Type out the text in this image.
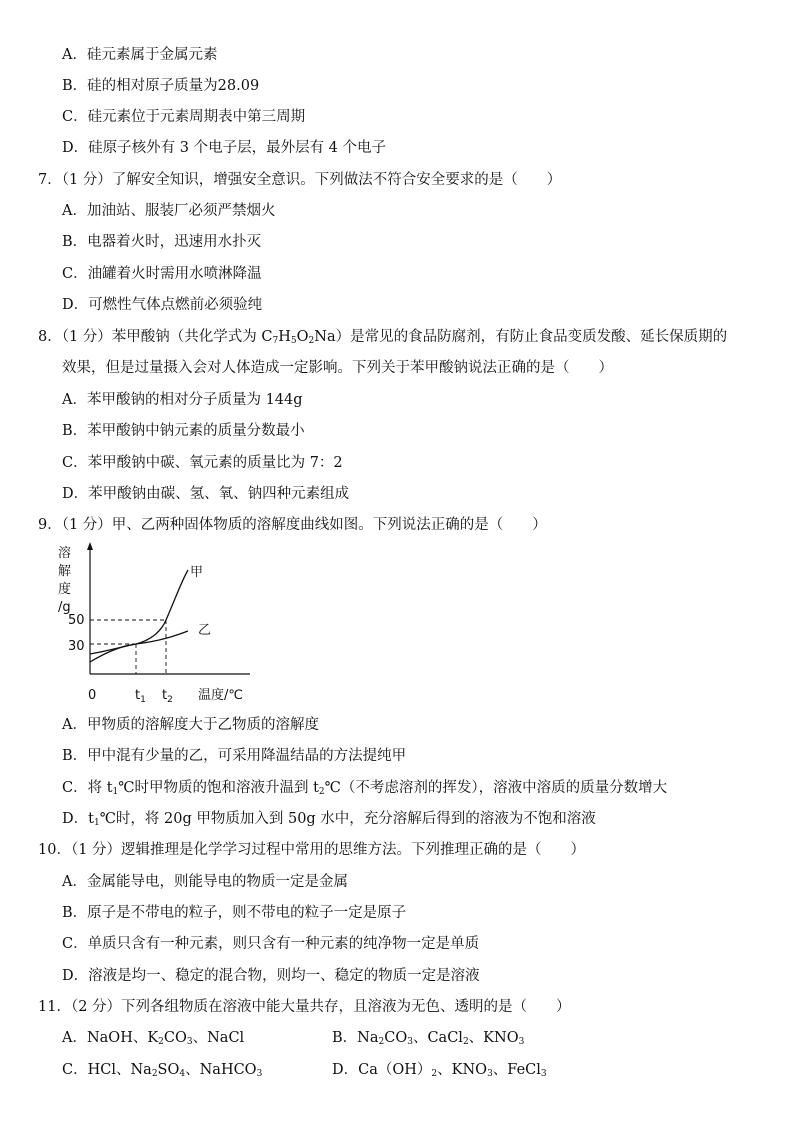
A．硅元素属于金属元素
B．硅的相对原子质量为28.09
C．硅元素位于元素周期表中第三周期
D．硅原子核外有 3 个电子层，最外层有 4 个电子
7．（1 分）了解安全知识，增强安全意识。下列做法不符合安全要求的是（　　）
A．加油站、服装厂必须严禁烟火
B．电器着火时，迅速用水扑灭
C．油罐着火时需用水喷淋降温
D．可燃性气体点燃前必须验纯
8．（1 分）苯甲酸钠（共化学式为 $C_7H_5O_2Na$）是常见的食品防腐剂，有防止食品变质发酸、延长保质期的
效果，但是过量摄入会对人体造成一定影响。下列关于苯甲酸钠说法正确的是（　　）
A．苯甲酸钠的相对分子质量为 144g
B．苯甲酸钠中钠元素的质量分数最小
C．苯甲酸钠中碳、氧元素的质量比为 7：2
D．苯甲酸钠由碳、氢、氧、钠四种元素组成
9．（1 分）甲、乙两种固体物质的溶解度曲线如图。下列说法正确的是（　　）
溶
解
度
/g
50
30
0	$t_1$ $t_2$ 温度/℃
甲
乙
A．甲物质的溶解度大于乙物质的溶解度
B．甲中混有少量的乙，可采用降温结晶的方法提纯甲
C．将 $t_1℃$时甲物质的饱和溶液升温到 $t_2℃$（不考虑溶剂的挥发），溶液中溶质的质量分数增大
D．$t_1℃$时，将 20g 甲物质加入到 50g 水中，充分溶解后得到的溶液为不饱和溶液
10．（1 分）逻辑推理是化学学习过程中常用的思维方法。下列推理正确的是（　　）
A．金属能导电，则能导电的物质一定是金属
B．原子是不带电的粒子，则不带电的粒子一定是原子
C．单质只含有一种元素，则只含有一种元素的纯净物一定是单质
D．溶液是均一、稳定的混合物，则均一、稳定的物质一定是溶液
11．（2 分）下列各组物质在溶液中能大量共存，且溶液为无色、透明的是（　　）
A．NaOH、$K_2CO_3$、NaCl	B．$Na_2CO_3$、CaCl$_2$、$KNO_3$
C．HCl、$Na_2SO_4$、NaHCO$_3$	D．$Ca(OH)_2$、$KNO_3$、FeCl$_3$
